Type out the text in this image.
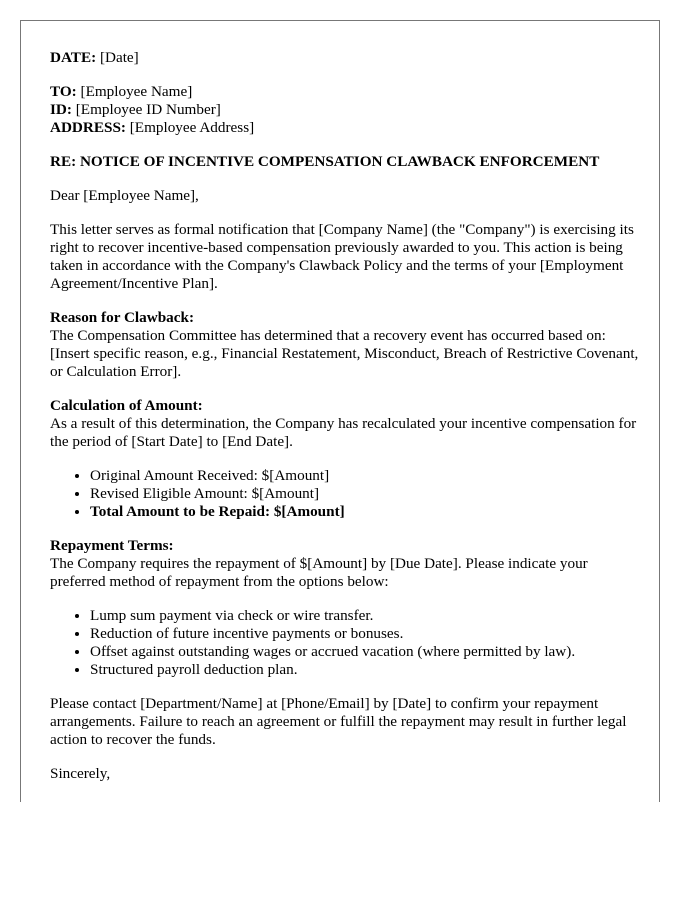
DATE: [Date]

TO: [Employee Name]
ID: [Employee ID Number]
ADDRESS: [Employee Address]

RE: NOTICE OF INCENTIVE COMPENSATION CLAWBACK ENFORCEMENT

Dear [Employee Name],

This letter serves as formal notification that [Company Name] (the "Company") is exercising its right to recover incentive-based compensation previously awarded to you. This action is being taken in accordance with the Company's Clawback Policy and the terms of your [Employment Agreement/Incentive Plan].

Reason for Clawback:
The Compensation Committee has determined that a recovery event has occurred based on:
[Insert specific reason, e.g., Financial Restatement, Misconduct, Breach of Restrictive Covenant, or Calculation Error].
Calculation of Amount:
As a result of this determination, the Company has recalculated your incentive compensation for the period of [Start Date] to [End Date].
• Original Amount Received: $[Amount]
• Revised Eligible Amount: $[Amount]
• Total Amount to be Repaid: $[Amount]
Repayment Terms:
The Company requires the repayment of $[Amount] by [Due Date]. Please indicate your preferred method of repayment from the options below:
• Lump sum payment via check or wire transfer.
• Reduction of future incentive payments or bonuses.
• Offset against outstanding wages or accrued vacation (where permitted by law).
• Structured payroll deduction plan.

Please contact [Department/Name] at [Phone/Email] by [Date] to confirm your repayment arrangements. Failure to reach an agreement or fulfill the repayment may result in further legal action to recover the funds.

Sincerely,
